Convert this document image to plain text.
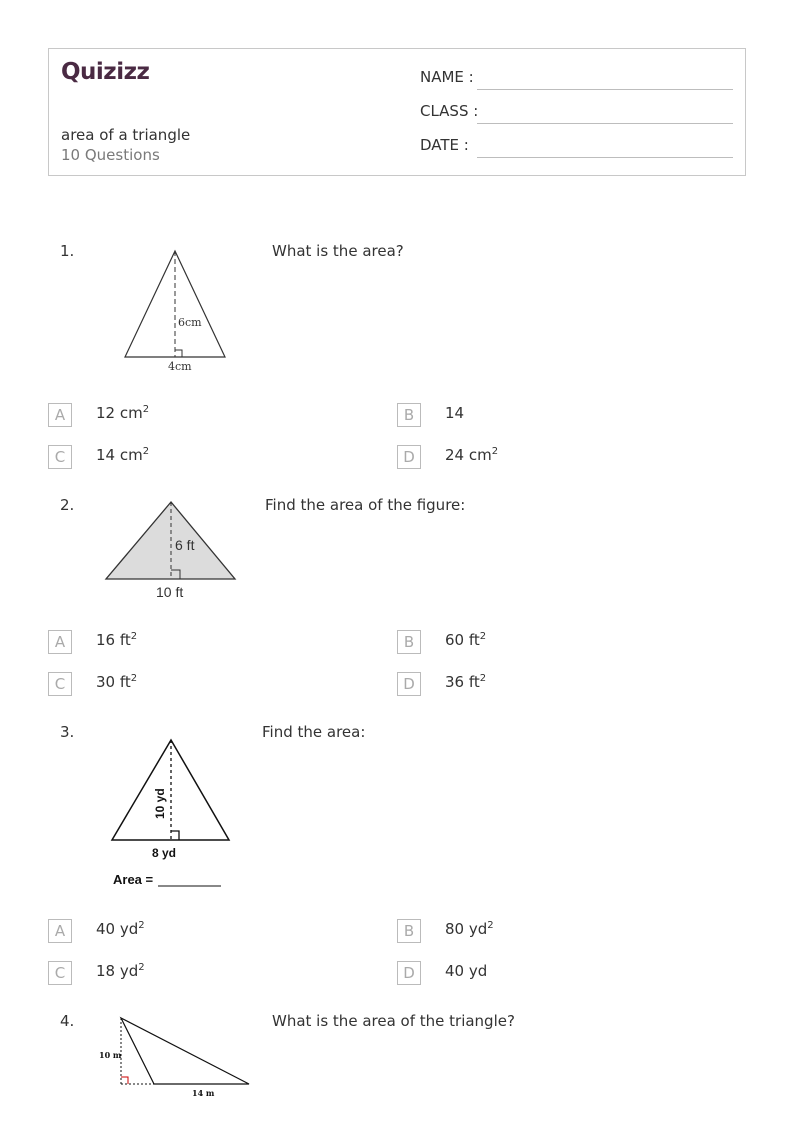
Quizizz
area of a triangle
10 Questions
NAME :
CLASS :
DATE :
1.	What is the area?
6cm
4cm
A	12 $cm^2$	B	14
C	14 $cm^2$	D	24 $cm^2$
2.	Find the area of the figure:
6 ft
10 ft
A	16 $ft^2$	B	60 $ft^2$
C	30 $ft^2$	D	36 $ft^2$
3.	Find the area:
10 yd
8 yd
Area =
A	40 $yd^2$	B	80 $yd^2$
C	18 $yd^2$	D	40 yd
4.	What is the area of the triangle?
10 m
14 m
